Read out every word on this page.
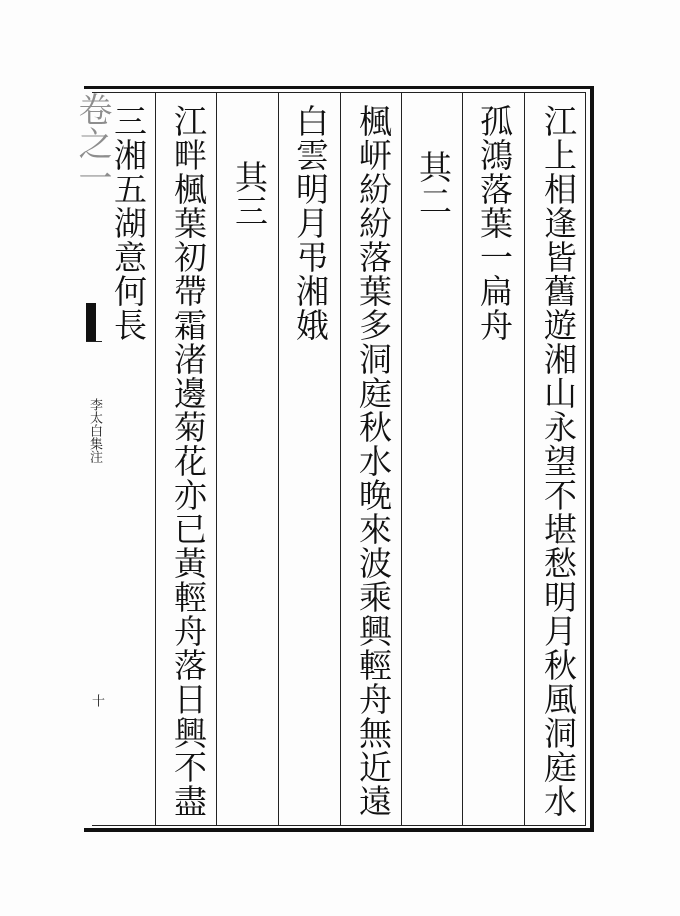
江上相逢皆舊遊湘山永望不堪愁明月秋風洞庭水
孤鴻落葉一扁舟
其二
楓岍紛紛落葉多洞庭秋水晚來波乘興輕舟無近遠
白雲明月弔湘娥
其三
江畔楓葉初帶霜渚邊菊花亦已黃輕舟落日興不盡
三湘五湖意何長
卷之一
李太白集注
十
